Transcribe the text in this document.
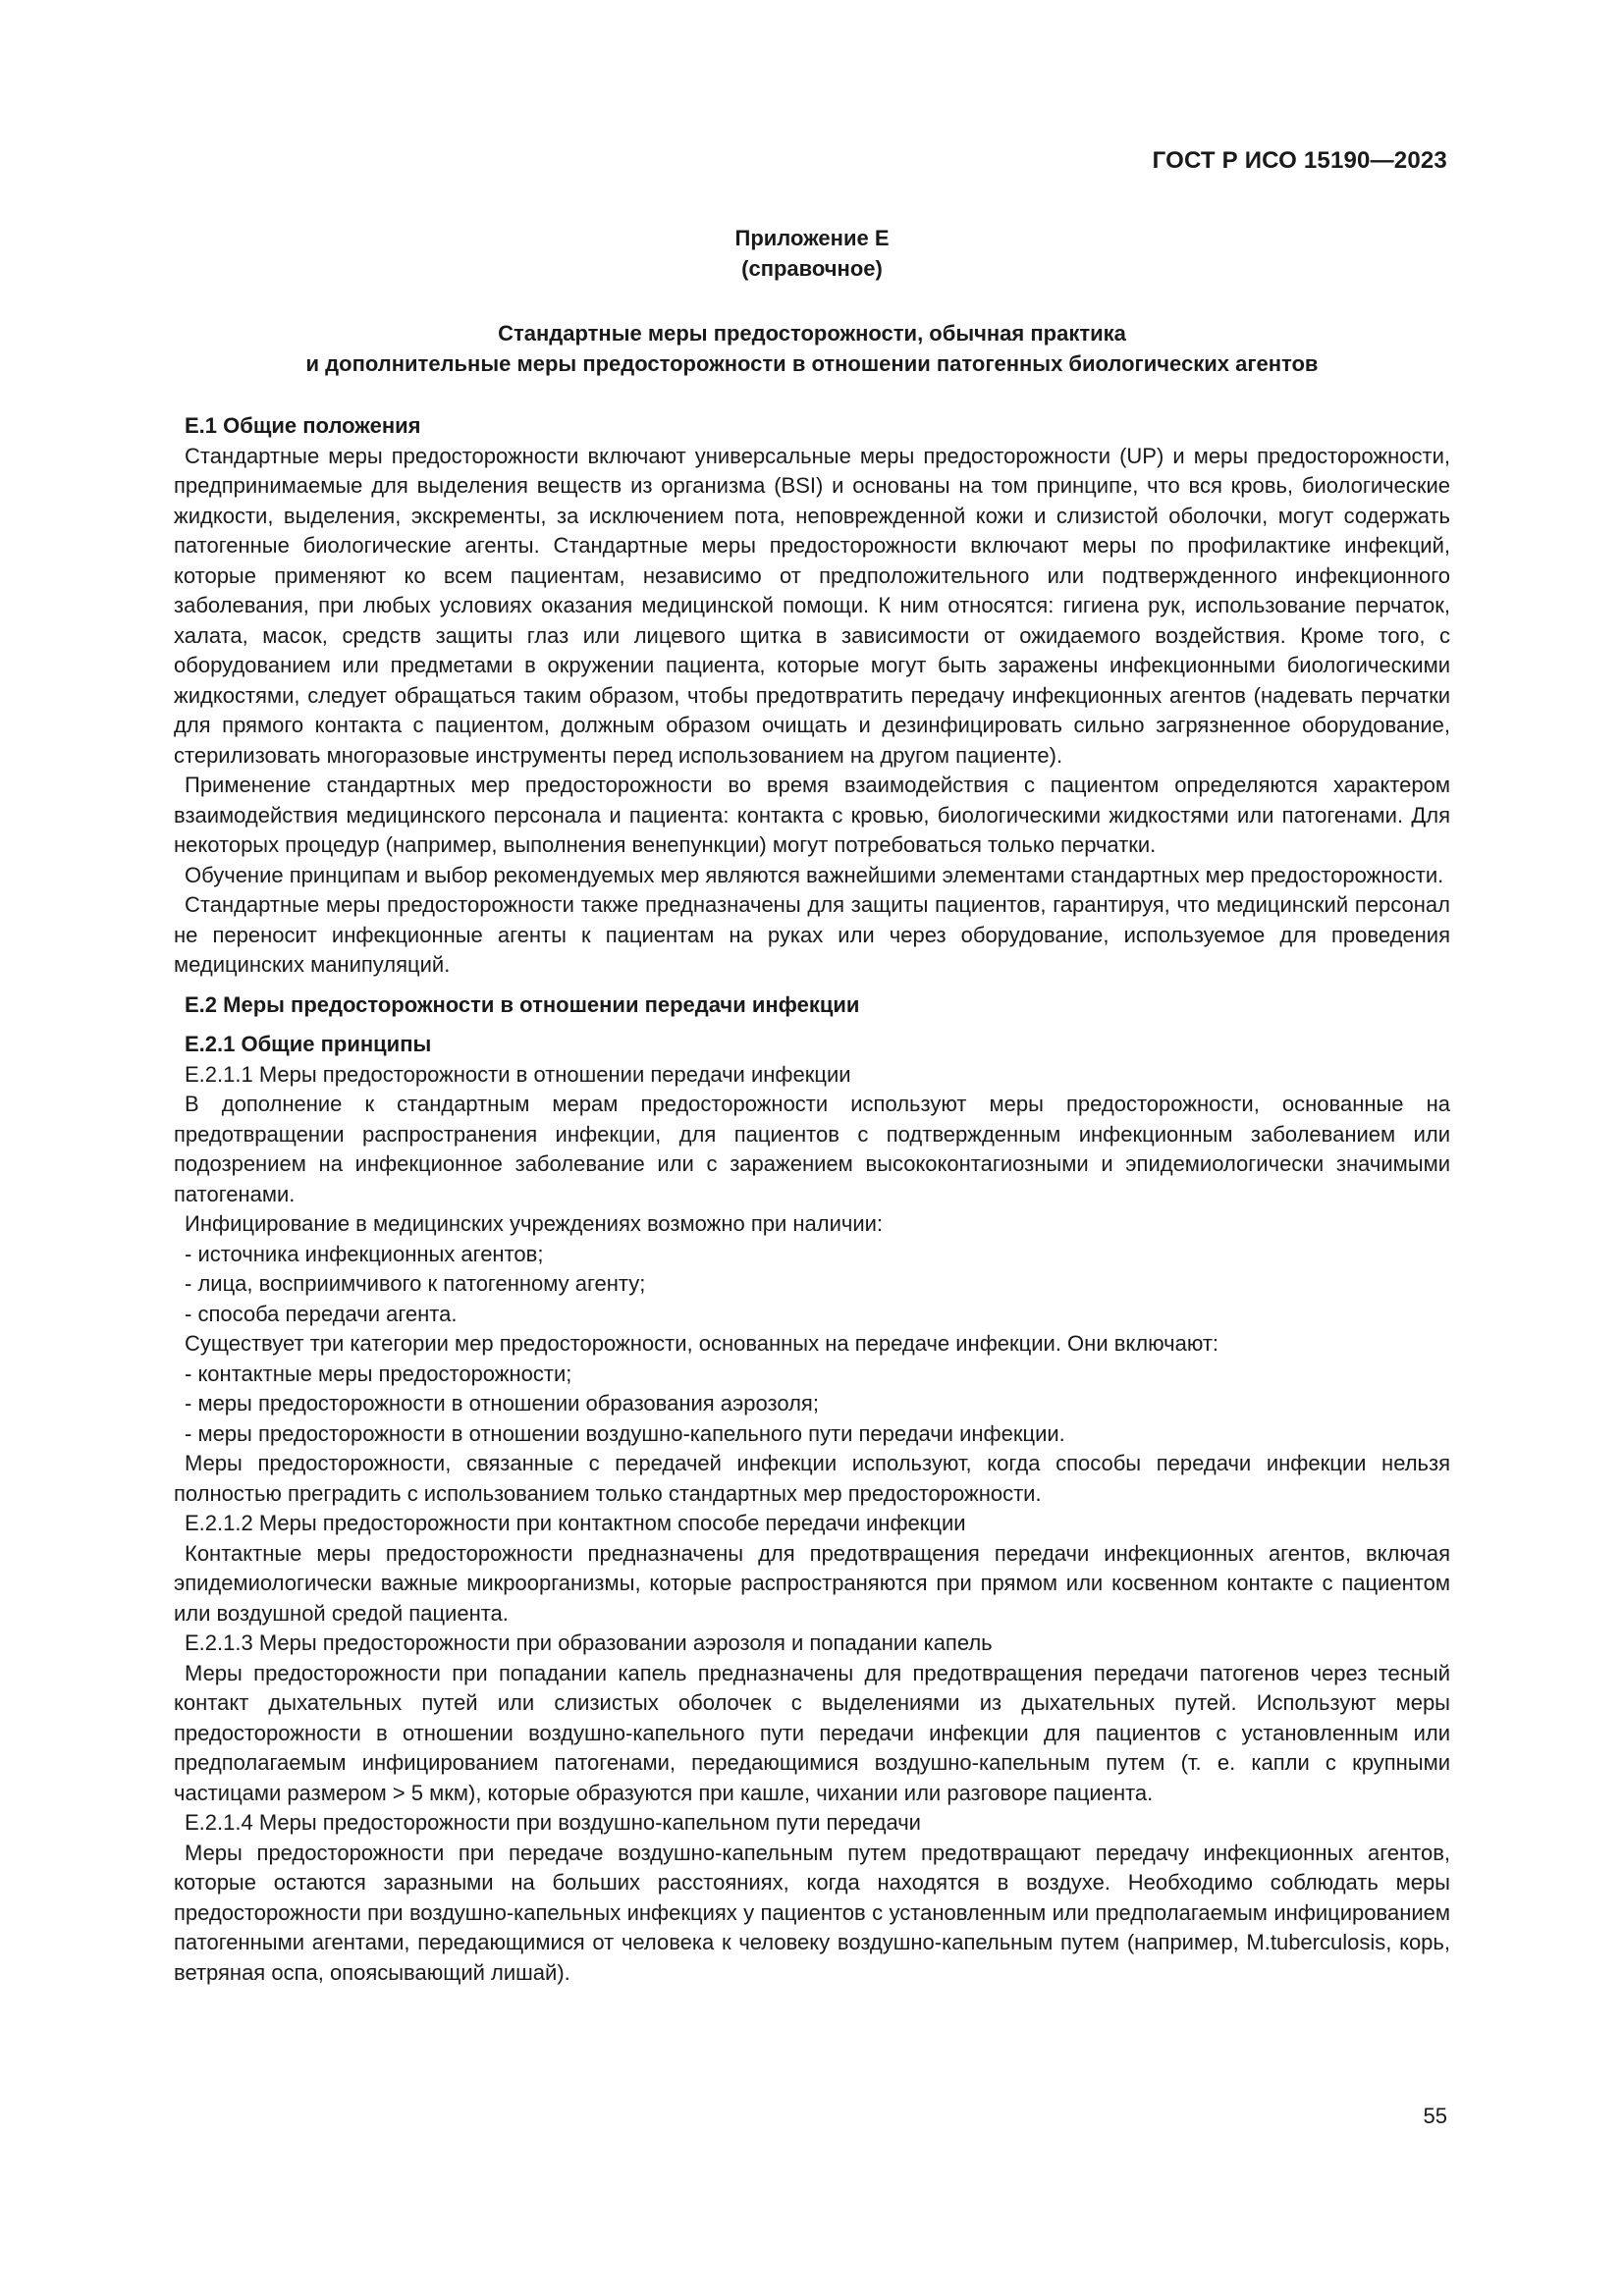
ГОСТ Р ИСО 15190—2023
Приложение Е
(справочное)
Стандартные меры предосторожности, обычная практика
и дополнительные меры предосторожности в отношении патогенных биологических агентов
Е.1 Общие положения

Стандартные меры предосторожности включают универсальные меры предосторожности (UP) и меры предосторожности, предпринимаемые для выделения веществ из организма (BSI) и основаны на том принципе, что вся кровь, биологические жидкости, выделения, экскременты, за исключением пота, неповрежденной кожи и слизистой оболочки, могут содержать патогенные биологические агенты. Стандартные меры предосторожности включают меры по профилактике инфекций, которые применяют ко всем пациентам, независимо от предположительного или подтвержденного инфекционного заболевания, при любых условиях оказания медицинской помощи. К ним относятся: гигиена рук, использование перчаток, халата, масок, средств защиты глаз или лицевого щитка в зависимости от ожидаемого воздействия. Кроме того, с оборудованием или предметами в окружении пациента, которые могут быть заражены инфекционными биологическими жидкостями, следует обращаться таким образом, чтобы предотвратить передачу инфекционных агентов (надевать перчатки для прямого контакта с пациентом, должным образом очищать и дезинфицировать сильно загрязненное оборудование, стерилизовать многоразовые инструменты перед использованием на другом пациенте).

Применение стандартных мер предосторожности во время взаимодействия с пациентом определяются характером взаимодействия медицинского персонала и пациента: контакта с кровью, биологическими жидкостями или патогенами. Для некоторых процедур (например, выполнения венепункции) могут потребоваться только перчатки.

Обучение принципам и выбор рекомендуемых мер являются важнейшими элементами стандартных мер предосторожности.

Стандартные меры предосторожности также предназначены для защиты пациентов, гарантируя, что медицинский персонал не переносит инфекционные агенты к пациентам на руках или через оборудование, используемое для проведения медицинских манипуляций.

Е.2 Меры предосторожности в отношении передачи инфекции
Е.2.1 Общие принципы
Е.2.1.1 Меры предосторожности в отношении передачи инфекции

В дополнение к стандартным мерам предосторожности используют меры предосторожности, основанные на предотвращении распространения инфекции, для пациентов с подтвержденным инфекционным заболеванием или подозрением на инфекционное заболевание или с заражением высококонтагиозными и эпидемиологически значимыми патогенами.

Инфицирование в медицинских учреждениях возможно при наличии:

- источника инфекционных агентов;
- лица, восприимчивого к патогенному агенту;
- способа передачи агента.

Существует три категории мер предосторожности, основанных на передаче инфекции. Они включают:

- контактные меры предосторожности;
- меры предосторожности в отношении образования аэрозоля;
- меры предосторожности в отношении воздушно-капельного пути передачи инфекции.

Меры предосторожности, связанные с передачей инфекции используют, когда способы передачи инфекции нельзя полностью преградить с использованием только стандартных мер предосторожности.

Е.2.1.2 Меры предосторожности при контактном способе передачи инфекции

Контактные меры предосторожности предназначены для предотвращения передачи инфекционных агентов, включая эпидемиологически важные микроорганизмы, которые распространяются при прямом или косвенном контакте с пациентом или воздушной средой пациента.

Е.2.1.3 Меры предосторожности при образовании аэрозоля и попадании капель

Меры предосторожности при попадании капель предназначены для предотвращения передачи патогенов через тесный контакт дыхательных путей или слизистых оболочек с выделениями из дыхательных путей. Используют меры предосторожности в отношении воздушно-капельного пути передачи инфекции для пациентов с установленным или предполагаемым инфицированием патогенами, передающимися воздушно-капельным путем (т. е. капли с крупными частицами размером > 5 мкм), которые образуются при кашле, чихании или разговоре пациента.

Е.2.1.4 Меры предосторожности при воздушно-капельном пути передачи

Меры предосторожности при передаче воздушно-капельным путем предотвращают передачу инфекционных агентов, которые остаются заразными на больших расстояниях, когда находятся в воздухе. Необходимо соблюдать меры предосторожности при воздушно-капельных инфекциях у пациентов с установленным или предполагаемым инфицированием патогенными агентами, передающимися от человека к человеку воздушно-капельным путем (например, M.tuberculosis, корь, ветряная оспа, опоясывающий лишай).

55
